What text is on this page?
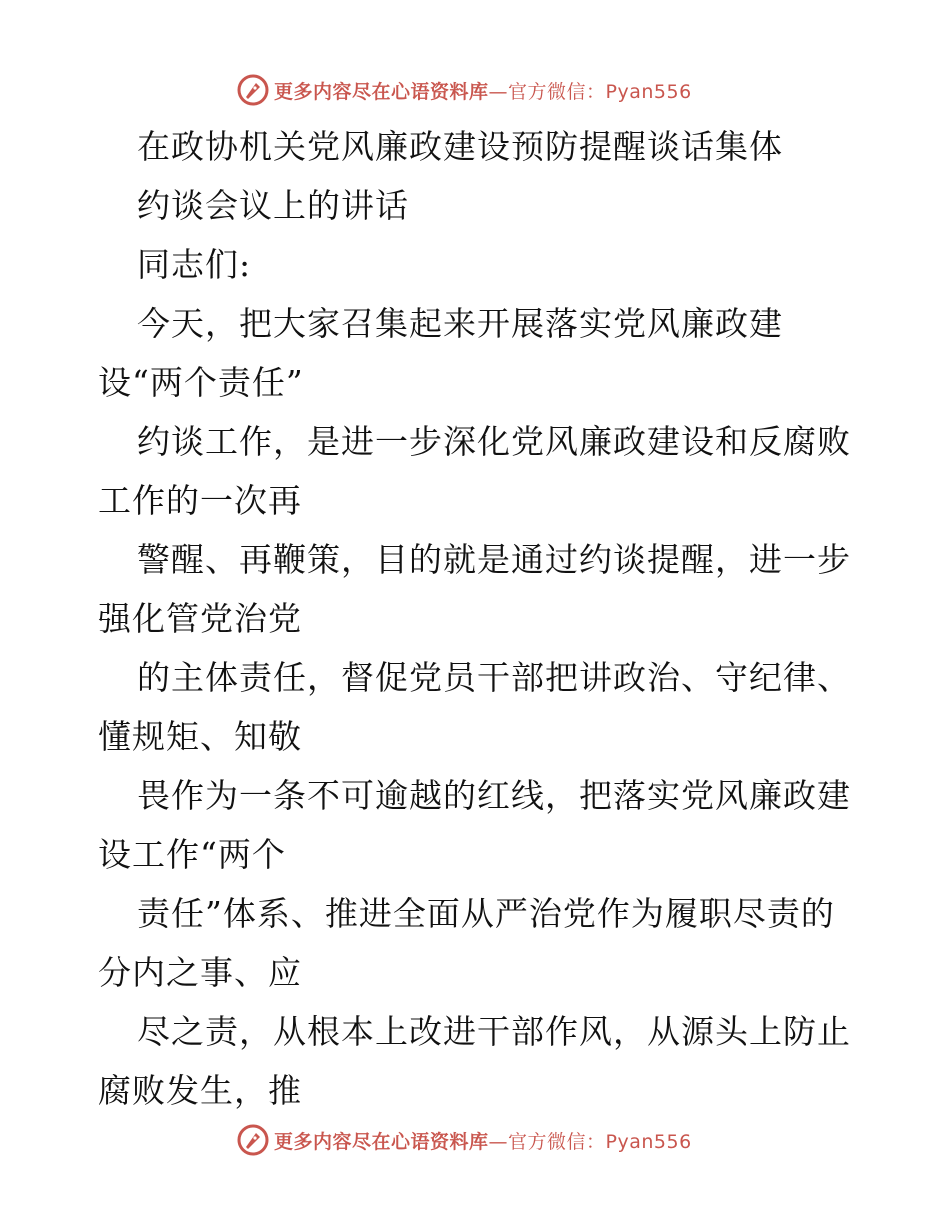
更多内容尽在心语资料库—官方微信：Pyan556
在政协机关党风廉政建设预防提醒谈话集体
约谈会议上的讲话
同志们:
今天，把大家召集起来开展落实党风廉政建
设“两个责任”
约谈工作，是进一步深化党风廉政建设和反腐败
工作的一次再
警醒、再鞭策，目的就是通过约谈提醒，进一步
强化管党治党
的主体责任，督促党员干部把讲政治、守纪律、
懂规矩、知敬
畏作为一条不可逾越的红线，把落实党风廉政建
设工作“两个
责任”体系、推进全面从严治党作为履职尽责的
分内之事、应
尽之责，从根本上改进干部作风，从源头上防止
腐败发生，推
更多内容尽在心语资料库—官方微信：Pyan556
